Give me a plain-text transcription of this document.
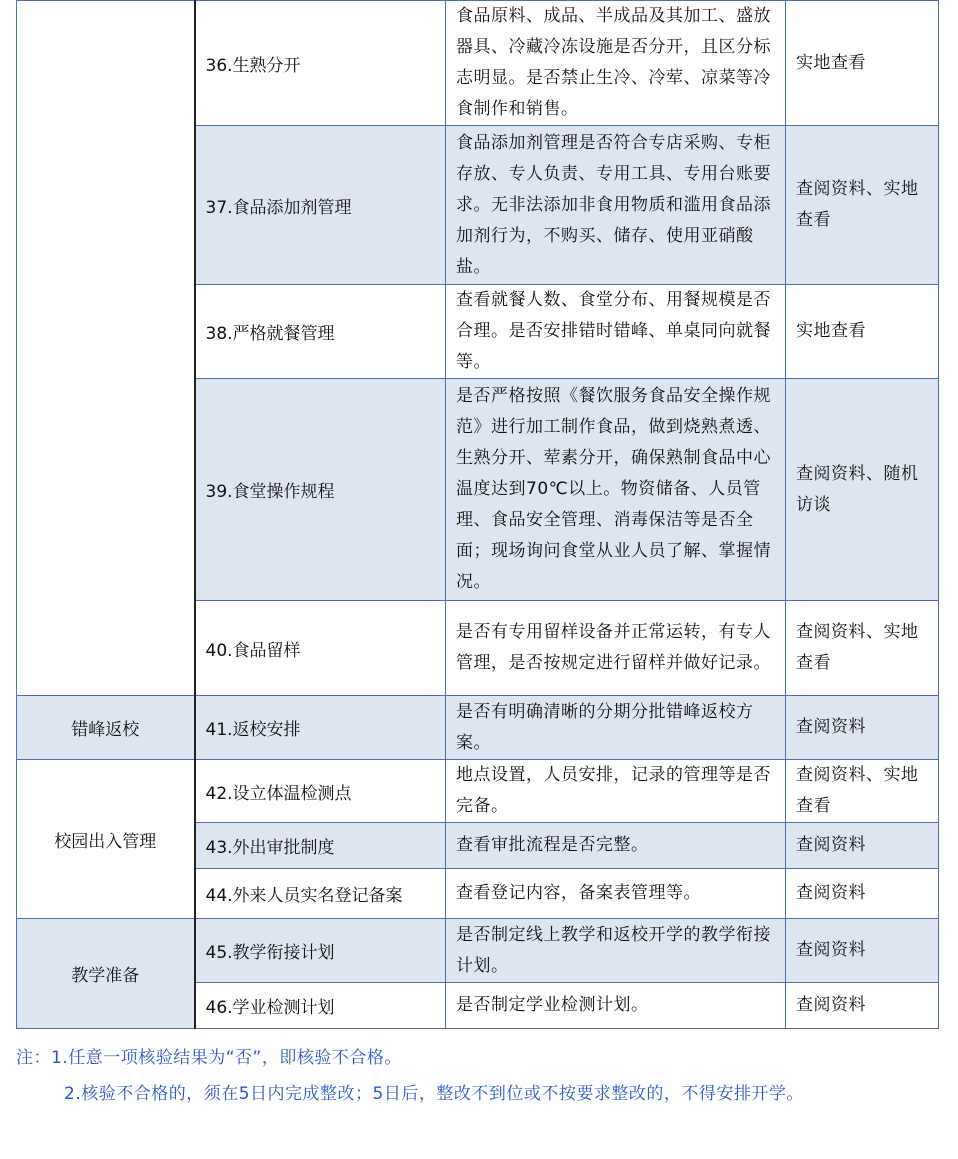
	36.生熟分开	食品原料、成品、半成品及其加工、盛放器具、冷藏冷冻设施是否分开，且区分标志明显。是否禁止生冷、冷荤、凉菜等冷食制作和销售。	实地查看
	37.食品添加剂管理	食品添加剂管理是否符合专店采购、专柜存放、专人负责、专用工具、专用台账要求。无非法添加非食用物质和滥用食品添加剂行为，不购买、储存、使用亚硝酸盐。	查阅资料、实地查看
	38.严格就餐管理	查看就餐人数、食堂分布、用餐规模是否合理。是否安排错时错峰、单桌同向就餐等。	实地查看
	39.食堂操作规程	是否严格按照《餐饮服务食品安全操作规范》进行加工制作食品，做到烧熟煮透、生熟分开、荤素分开，确保熟制食品中心温度达到70℃以上。物资储备、人员管理、食品安全管理、消毒保洁等是否全面；现场询问食堂从业人员了解、掌握情况。	查阅资料、随机访谈
	40.食品留样	是否有专用留样设备并正常运转，有专人管理，是否按规定进行留样并做好记录。	查阅资料、实地查看
错峰返校	41.返校安排	是否有明确清晰的分期分批错峰返校方案。	查阅资料
校园出入管理	42.设立体温检测点	地点设置，人员安排，记录的管理等是否完备。	查阅资料、实地查看
	43.外出审批制度	查看审批流程是否完整。	查阅资料
	44.外来人员实名登记备案	查看登记内容，备案表管理等。	查阅资料
教学准备	45.教学衔接计划	是否制定线上教学和返校开学的教学衔接计划。	查阅资料
	46.学业检测计划	是否制定学业检测计划。	查阅资料
注：1.任意一项核验结果为“否”，即核验不合格。
2.核验不合格的，须在5日内完成整改；5日后，整改不到位或不按要求整改的，不得安排开学。
